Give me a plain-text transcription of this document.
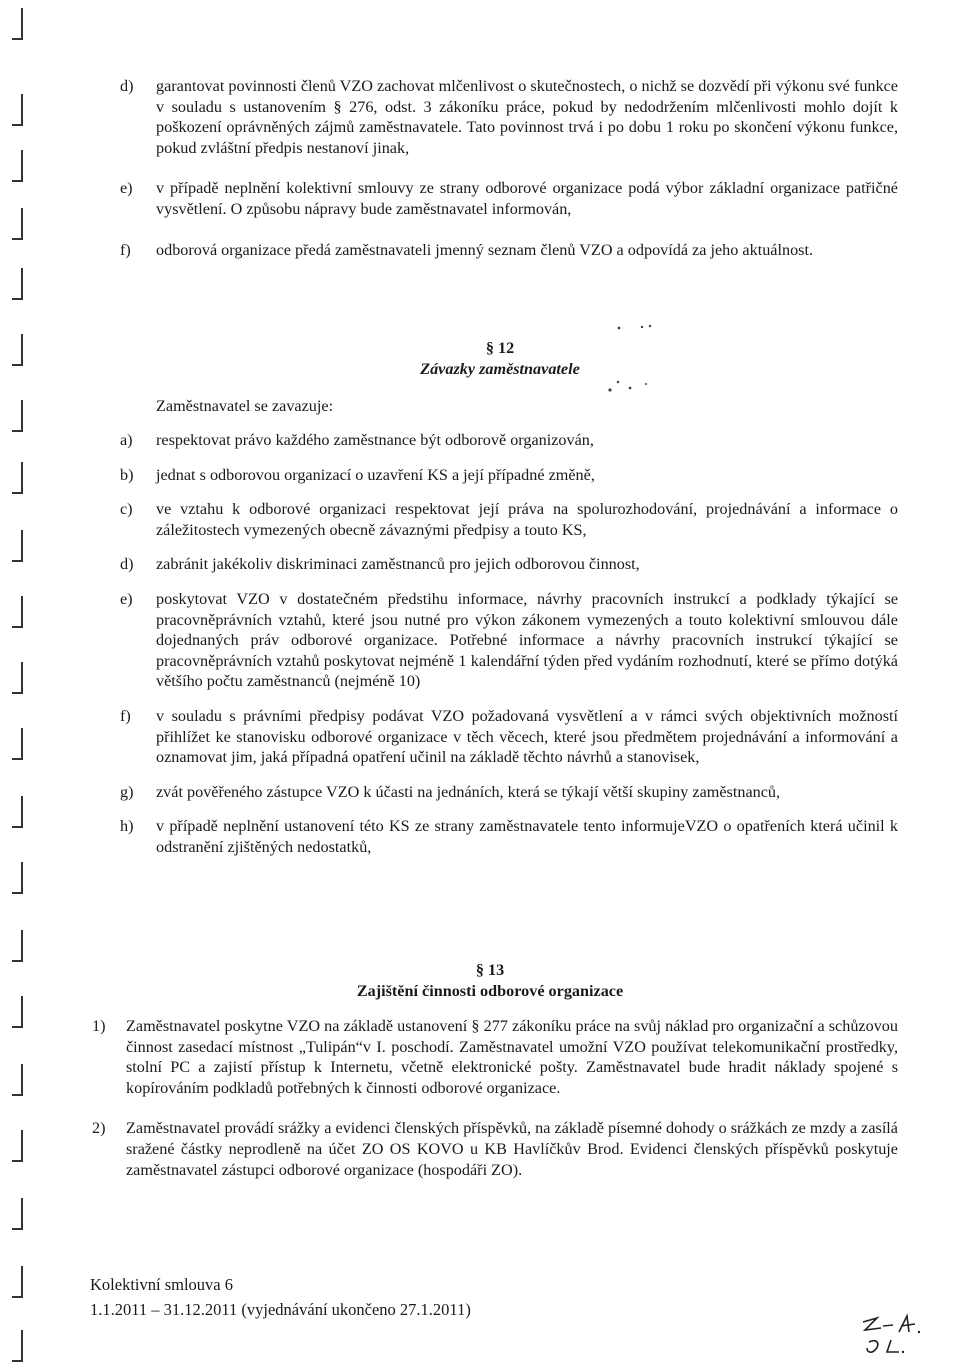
d) garantovat povinnosti členů VZO zachovat mlčenlivost o skutečnostech, o nichž se dozvědí při výkonu své funkce v souladu s ustanovením § 276, odst. 3 zákoníku práce, pokud by nedodržením mlčenlivosti mohlo dojít k poškození oprávněných zájmů zaměstnavatele. Tato povinnost trvá i po dobu 1 roku po skončení výkonu funkce, pokud zvláštní předpis nestanoví jinak,
e) v případě neplnění kolektivní smlouvy ze strany odborové organizace podá výbor základní organizace patřičné vysvětlení. O způsobu nápravy bude zaměstnavatel informován,
f) odborová organizace předá zaměstnavateli jmenný seznam členů VZO a odpovídá za jeho aktuálnost.
§ 12
Závazky zaměstnavatele
Zaměstnavatel se zavazuje:
a) respektovat právo každého zaměstnance být odborově organizován,
b) jednat s odborovou organizací o uzavření KS a její případné změně,
c) ve vztahu k odborové organizaci respektovat její práva na spolurozhodování, projednávání a informace o záležitostech vymezených obecně závaznými předpisy a touto KS,
d) zabránit jakékoliv diskriminaci zaměstnanců pro jejich odborovou činnost,
e) poskytovat VZO v dostatečném předstihu informace, návrhy pracovních instrukcí a podklady týkající se pracovněprávních vztahů, které jsou nutné pro výkon zákonem vymezených a touto kolektivní smlouvou dále dojednaných práv odborové organizace. Potřebné informace a návrhy pracovních instrukcí týkající se pracovněprávních vztahů poskytovat nejméně 1 kalendářní týden před vydáním rozhodnutí, které se přímo dotýká většího počtu zaměstnanců (nejméně 10)
f) v souladu s právními předpisy podávat VZO požadovaná vysvětlení a v rámci svých objektivních možností přihlížet ke stanovisku odborové organizace v těch věcech, které jsou předmětem projednávání a informování a oznamovat jim, jaká případná opatření učinil na základě těchto návrhů a stanovisek,
g) zvát pověřeného zástupce VZO k účasti na jednáních, která se týkají větší skupiny zaměstnanců,
h) v případě neplnění ustanovení této KS ze strany zaměstnavatele tento informujeVZO o opatřeních která učinil k odstranění zjištěných nedostatků,
§ 13
Zajištění činnosti odborové organizace
1) Zaměstnavatel poskytne VZO na základě ustanovení § 277 zákoníku práce na svůj náklad pro organizační a schůzovou činnost zasedací místnost „Tulipán“v I. poschodí. Zaměstnavatel umožní VZO používat telekomunikační prostředky, stolní PC a zajistí přístup k Internetu, včetně elektronické pošty. Zaměstnavatel bude hradit náklady spojené s kopírováním podkladů potřebných k činnosti odborové organizace.
2) Zaměstnavatel provádí srážky a evidenci členských příspěvků, na základě písemné dohody o srážkách ze mzdy a zasílá sražené částky neprodleně na účet ZO OS KOVO u KB Havlíčkův Brod. Evidenci členských příspěvků poskytuje zaměstnavatel zástupci odborové organizace (hospodáři ZO).
Kolektivní smlouva 6
1.1.2011 – 31.12.2011 (vyjednávání ukončeno 27.1.2011)
